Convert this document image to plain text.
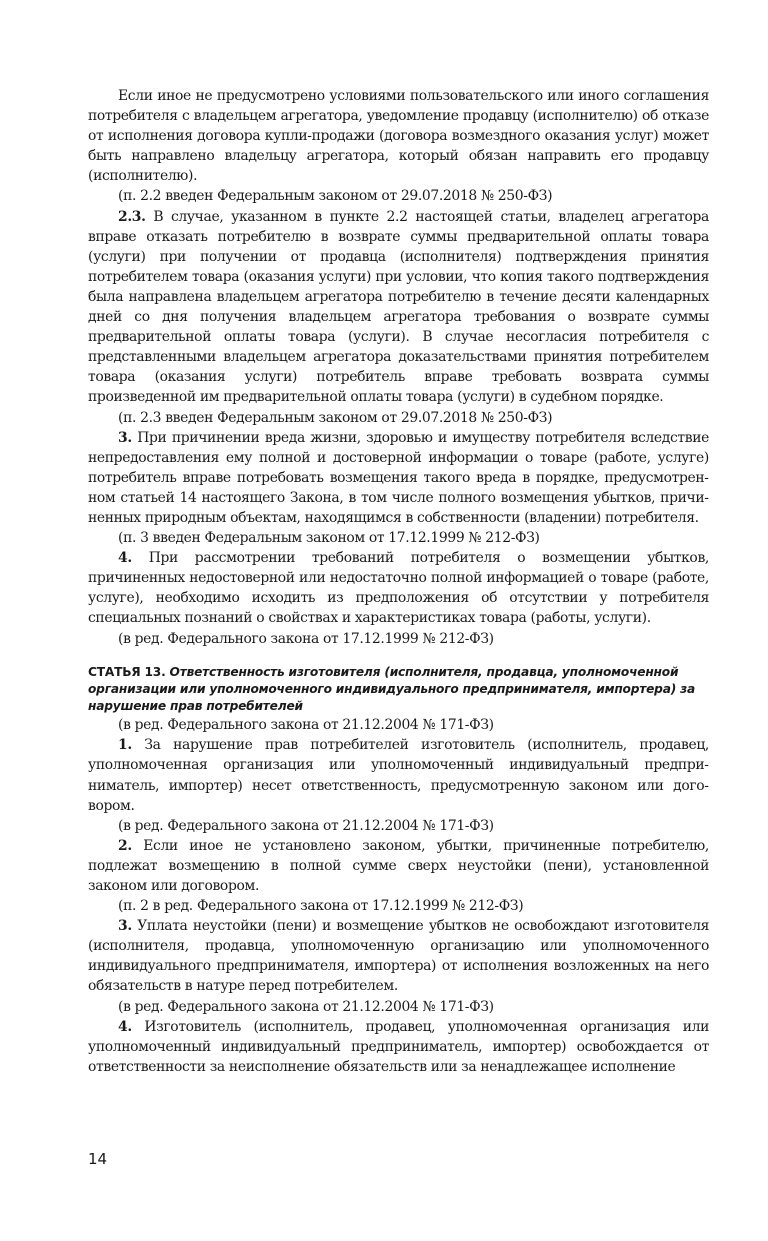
Если иное не предусмотрено условиями пользовательского или иного соглашения потребителя с владельцем агрегатора, уведомление продавцу (исполнителю) об отказе от исполнения договора купли-продажи (договора возмездного оказания услуг) может быть направлено владельцу агрегатора, который обязан направить его продавцу (исполнителю).

(п. 2.2 введен Федеральным законом от 29.07.2018 № 250-ФЗ)

2.3. В случае, указанном в пункте 2.2 настоящей статьи, владелец агрегатора вправе отказать потребителю в возврате суммы предварительной оплаты товара (услуги) при получении от продавца (исполнителя) подтверждения принятия потребителем товара (оказания услуги) при условии, что копия такого подтверждения была направлена владельцем агрегатора потребителю в течение десяти календарных дней со дня получения владельцем агрегатора требования о возврате суммы предварительной оплаты товара (услуги). В случае несогласия потребителя с представленными владельцем агрегатора доказательствами принятия потребителем товара (оказания услуги) потребитель вправе требовать возврата суммы произведенной им предварительной оплаты товара (услуги) в судебном порядке.

(п. 2.3 введен Федеральным законом от 29.07.2018 № 250-ФЗ)

3. При причинении вреда жизни, здоровью и имуществу потребителя вследствие непредоставления ему полной и достоверной информации о товаре (работе, услуге) потребитель вправе потребовать возмещения такого вреда в порядке, предусмотренном статьей 14 настоящего Закона, в том числе полного возмещения убытков, причиненных природным объектам, находящимся в собственности (владении) потребителя.

(п. 3 введен Федеральным законом от 17.12.1999 № 212-ФЗ)

4. При рассмотрении требований потребителя о возмещении убытков, причиненных недостоверной или недостаточно полной информацией о товаре (работе, услуге), необходимо исходить из предположения об отсутствии у потребителя специальных познаний о свойствах и характеристиках товара (работы, услуги).

(в ред. Федерального закона от 17.12.1999 № 212-ФЗ)

СТАТЬЯ 13. Ответственность изготовителя (исполнителя, продавца, уполномоченной организации или уполномоченного индивидуального предпринимателя, импортера) за нарушение прав потребителей

(в ред. Федерального закона от 21.12.2004 № 171-ФЗ)

1. За нарушение прав потребителей изготовитель (исполнитель, продавец, уполномоченная организация или уполномоченный индивидуальный предприниматель, импортер) несет ответственность, предусмотренную законом или договором.

(в ред. Федерального закона от 21.12.2004 № 171-ФЗ)

2. Если иное не установлено законом, убытки, причиненные потребителю, подлежат возмещению в полной сумме сверх неустойки (пени), установленной законом или договором.

(п. 2 в ред. Федерального закона от 17.12.1999 № 212-ФЗ)

3. Уплата неустойки (пени) и возмещение убытков не освобождают изготовителя (исполнителя, продавца, уполномоченную организацию или уполномоченного индивидуального предпринимателя, импортера) от исполнения возложенных на него обязательств в натуре перед потребителем.

(в ред. Федерального закона от 21.12.2004 № 171-ФЗ)

4. Изготовитель (исполнитель, продавец, уполномоченная организация или уполномоченный индивидуальный предприниматель, импортер) освобождается от ответственности за неисполнение обязательств или за ненадлежащее исполнение

14
